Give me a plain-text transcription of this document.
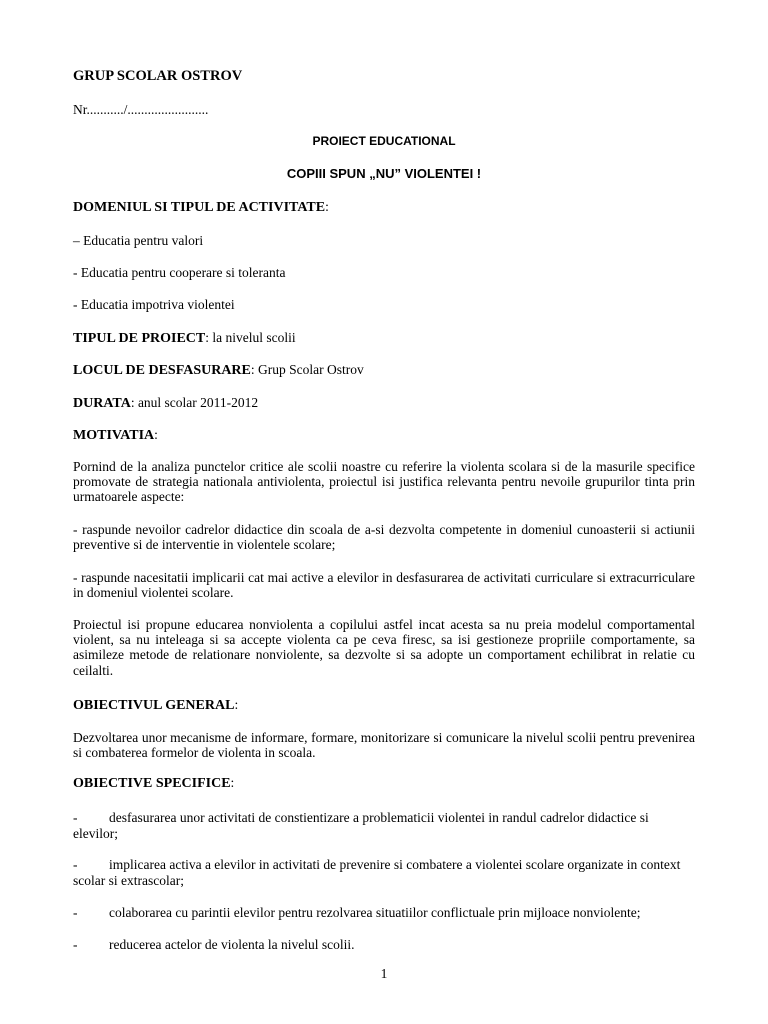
GRUP SCOLAR OSTROV
Nr.........../........................
PROIECT EDUCATIONAL
COPIII SPUN „NU” VIOLENTEI !
DOMENIUL SI TIPUL DE ACTIVITATE:
– Educatia pentru valori
- Educatia pentru cooperare si toleranta
- Educatia impotriva violentei
TIPUL DE PROIECT: la nivelul scolii
LOCUL DE DESFASURARE: Grup Scolar Ostrov
DURATA: anul scolar 2011-2012
MOTIVATIA:
Pornind de la analiza punctelor critice ale scolii noastre cu referire la violenta scolara si de la masurile specifice promovate de strategia nationala antiviolenta, proiectul isi justifica relevanta pentru nevoile grupurilor tinta prin urmatoarele aspecte:
- raspunde nevoilor cadrelor didactice din scoala de a-si dezvolta competente in domeniul cunoasterii si actiunii preventive si de interventie in violentele scolare;
- raspunde nacesitatii implicarii cat mai active a elevilor in desfasurarea de activitati curriculare si extracurriculare in domeniul violentei scolare.
Proiectul isi propune educarea nonviolenta a copilului astfel incat acesta sa nu preia modelul comportamental violent, sa nu inteleaga si sa accepte violenta ca pe ceva firesc, sa isi gestioneze propriile comportamente, sa asimileze metode de relationare nonviolente, sa dezvolte si sa adopte un comportament echilibrat in relatie cu ceilalti.
OBIECTIVUL GENERAL:
Dezvoltarea unor mecanisme de informare, formare, monitorizare si comunicare la nivelul scolii pentru prevenirea si combaterea formelor de violenta in scoala.
OBIECTIVE SPECIFICE:
-	desfasurarea unor activitati de constientizare a problematicii violentei in randul cadrelor didactice si elevilor;
-	implicarea activa a elevilor in activitati de prevenire si combatere a violentei scolare organizate in context scolar si extrascolar;
-	colaborarea cu parintii elevilor pentru rezolvarea situatiilor conflictuale prin mijloace nonviolente;
-	reducerea actelor de violenta la nivelul scolii.
1
